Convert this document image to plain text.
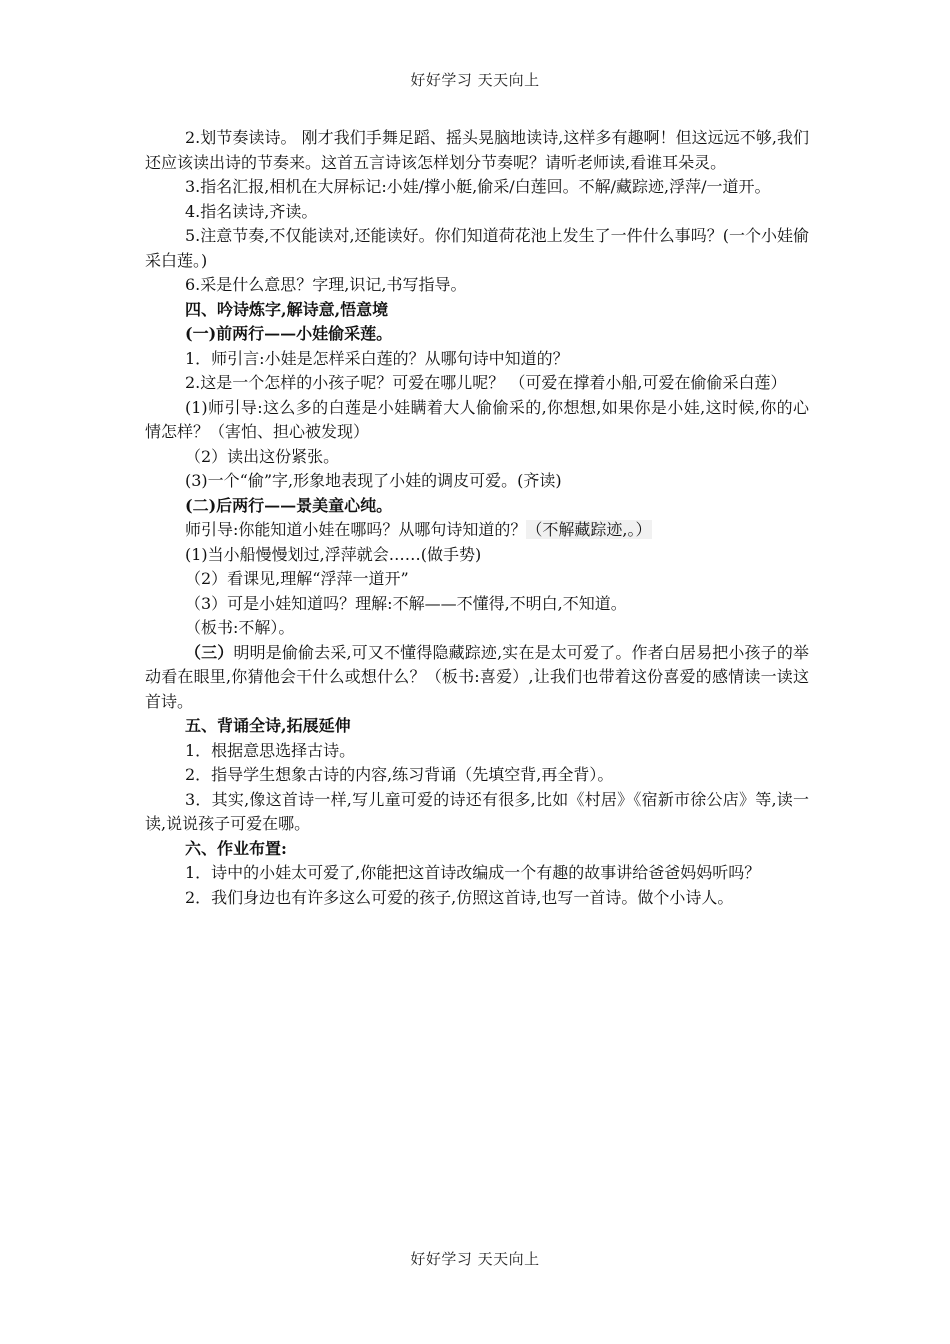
好好学习 天天向上

2.划节奏读诗。 刚才我们手舞足蹈、摇头晃脑地读诗,这样多有趣啊！但这远远不够,我们还应该读出诗的节奏来。这首五言诗该怎样划分节奏呢？请听老师读,看谁耳朵灵。

3.指名汇报,相机在大屏标记:小娃/撑小艇,偷采/白莲回。不解/藏踪迹,浮萍/一道开。

4.指名读诗,齐读。

5.注意节奏,不仅能读对,还能读好。你们知道荷花池上发生了一件什么事吗？(一个小娃偷采白莲。)

6.采是什么意思？字理,识记,书写指导。

四、吟诗炼字,解诗意,悟意境

(一)前两行——小娃偷采莲。

1．师引言:小娃是怎样采白莲的？从哪句诗中知道的？

2.这是一个怎样的小孩子呢？可爱在哪儿呢？ （可爱在撑着小船,可爱在偷偷采白莲）

(1)师引导:这么多的白莲是小娃瞒着大人偷偷采的,你想想,如果你是小娃,这时候,你的心情怎样？（害怕、担心被发现）

（2）读出这份紧张。

(3)一个“偷”字,形象地表现了小娃的调皮可爱。(齐读)

(二)后两行——景美童心纯。

师引导:你能知道小娃在哪吗？从哪句诗知道的？（不解藏踪迹,。）

(1)当小船慢慢划过,浮萍就会……(做手势)

（2）看课见,理解“浮萍一道开”

（3）可是小娃知道吗？理解:不解——不懂得,不明白,不知道。

（板书:不解）。

（三）明明是偷偷去采,可又不懂得隐藏踪迹,实在是太可爱了。作者白居易把小孩子的举动看在眼里,你猜他会干什么或想什么？（板书:喜爱）,让我们也带着这份喜爱的感情读一读这首诗。

五、背诵全诗,拓展延伸

1．根据意思选择古诗。

2．指导学生想象古诗的内容,练习背诵（先填空背,再全背）。

3．其实,像这首诗一样,写儿童可爱的诗还有很多,比如《村居》《宿新市徐公店》等,读一读,说说孩子可爱在哪。

六、作业布置:

1．诗中的小娃太可爱了,你能把这首诗改编成一个有趣的故事讲给爸爸妈妈听吗？

2．我们身边也有许多这么可爱的孩子,仿照这首诗,也写一首诗。做个小诗人。

好好学习 天天向上
